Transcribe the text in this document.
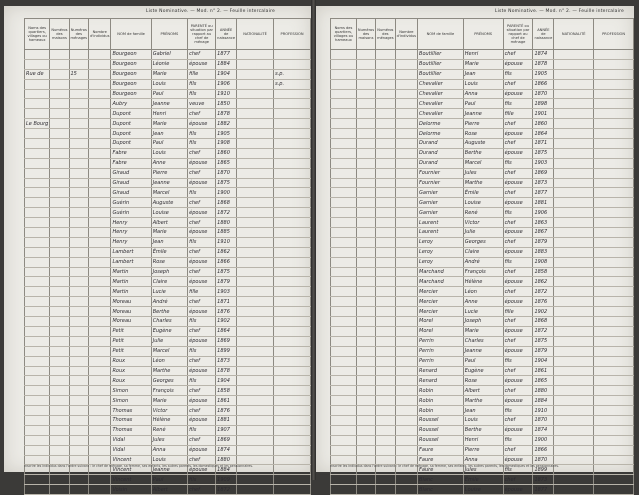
Liste Nominative. — Mod. n° 2. — Feuille intercalaire
Noms des quartiers, villages ou hameaux	Numéros des maisons	Numéros des ménages	Nombre d'individus	NOM de famille	PRÉNOMS	PARENTÉ ou situation par rapport au chef de ménage	ANNÉE de naissance	NATIONALITÉ	PROFESSION
				Bourgeon	Gabriel	chef	1877		
				Bourgeon	Léonie	épouse	1884		
Rue de		15		Bourgeon	Marie	fille	1904		s.p.
				Bourgeon	Louis	fils	1906		s.p.
				Bourgeon	Paul	fils	1910		
				Aubry	Jeanne	veuve	1850		
				Dupont	Henri	chef	1878		
Le Bourg				Dupont	Marie	épouse	1882		
				Dupont	Jean	fils	1905		
				Dupont	Paul	fils	1908		
				Fabre	Louis	chef	1860		
				Fabre	Anne	épouse	1865		
				Giraud	Pierre	chef	1870		
				Giraud	Jeanne	épouse	1875		
				Giraud	Marcel	fils	1900		
				Guérin	Auguste	chef	1868		
				Guérin	Louise	épouse	1872		
				Henry	Albert	chef	1880		
				Henry	Marie	épouse	1885		
				Henry	Jean	fils	1910		
				Lambert	Émile	chef	1862		
				Lambert	Rose	épouse	1866		
				Martin	Joseph	chef	1875		
				Martin	Claire	épouse	1879		
				Martin	Lucie	fille	1903		
				Moreau	André	chef	1871		
				Moreau	Berthe	épouse	1876		
				Moreau	Charles	fils	1902		
				Petit	Eugène	chef	1864		
				Petit	Julie	épouse	1869		
				Petit	Marcel	fils	1899		
				Roux	Léon	chef	1873		
				Roux	Marthe	épouse	1878		
				Roux	Georges	fils	1904		
				Simon	François	chef	1858		
				Simon	Marie	épouse	1861		
				Thomas	Victor	chef	1876		
				Thomas	Hélène	épouse	1881		
				Thomas	René	fils	1907		
				Vidal	Jules	chef	1869		
				Vidal	Anna	épouse	1874		
				Vincent	Louis	chef	1880		
				Vincent	Jeanne	épouse	1884		
				Vincent	Paul	fils	1909		
				Voisin	Albert	chef	1872		
Inscrire les individus dans l'ordre suivant : le chef de ménage, sa femme, ses enfants, les autres parents, les domestiques et les pensionnaires.
Liste Nominative. — Mod. n° 2. — Feuille intercalaire
Noms des quartiers, villages ou hameaux	Numéros des maisons	Numéros des ménages	Nombre d'individus	NOM de famille	PRÉNOMS	PARENTÉ ou situation par rapport au chef de ménage	ANNÉE de naissance	NATIONALITÉ	PROFESSION
				Boutillier	Henri	chef	1874		
				Boutillier	Marie	épouse	1878		
				Boutillier	Jean	fils	1905		
				Chevalier	Louis	chef	1866		
				Chevalier	Anna	épouse	1870		
				Chevalier	Paul	fils	1898		
				Chevalier	Jeanne	fille	1901		
				Delorme	Pierre	chef	1860		
				Delorme	Rose	épouse	1864		
				Durand	Auguste	chef	1871		
				Durand	Berthe	épouse	1875		
				Durand	Marcel	fils	1903		
				Fournier	Jules	chef	1869		
				Fournier	Marthe	épouse	1873		
				Garnier	Émile	chef	1877		
				Garnier	Louise	épouse	1881		
				Garnier	René	fils	1906		
				Laurent	Victor	chef	1863		
				Laurent	Julie	épouse	1867		
				Leroy	Georges	chef	1879		
				Leroy	Claire	épouse	1883		
				Leroy	André	fils	1908		
				Marchand	François	chef	1858		
				Marchand	Hélène	épouse	1862		
				Mercier	Léon	chef	1872		
				Mercier	Anne	épouse	1876		
				Mercier	Lucie	fille	1902		
				Morel	Joseph	chef	1868		
				Morel	Marie	épouse	1872		
				Perrin	Charles	chef	1875		
				Perrin	Jeanne	épouse	1879		
				Perrin	Paul	fils	1904		
				Renard	Eugène	chef	1861		
				Renard	Rose	épouse	1865		
				Robin	Albert	chef	1880		
				Robin	Marthe	épouse	1884		
				Robin	Jean	fils	1910		
				Roussel	Louis	chef	1870		
				Roussel	Berthe	épouse	1874		
				Roussel	Henri	fils	1900		
				Faure	Pierre	chef	1866		
				Faure	Anna	épouse	1870		
				Faure	Jules	fils	1899		
				Blanc	Émile	chef	1873		
				Blanc	Louise	épouse	1877		
Inscrire les individus dans l'ordre suivant : le chef de ménage, sa femme, ses enfants, les autres parents, les domestiques et les pensionnaires.
